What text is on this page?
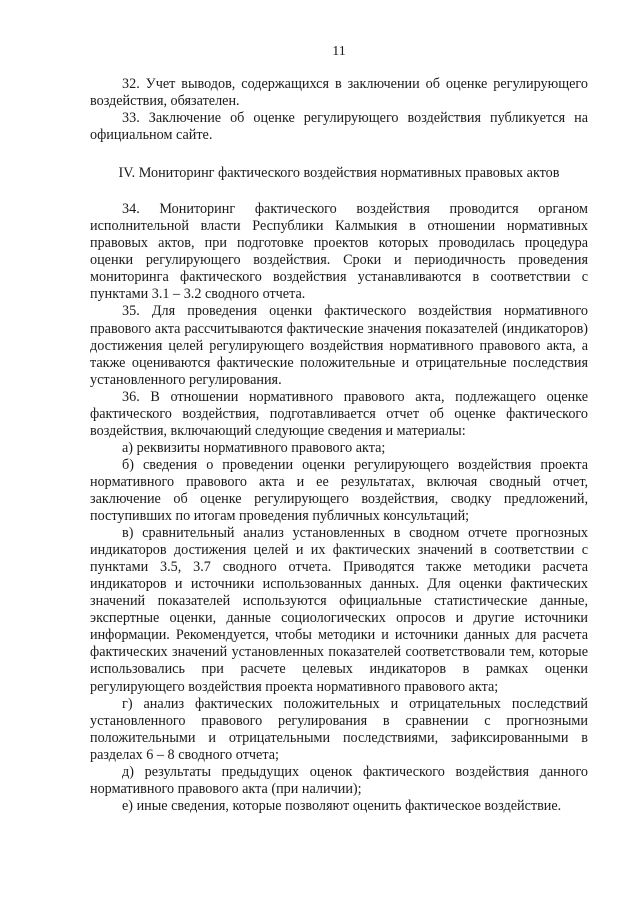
11

32. Учет выводов, содержащихся в заключении об оценке регулирующего воздействия, обязателен.

33. Заключение об оценке регулирующего воздействия публикуется на официальном сайте.

IV. Мониторинг фактического воздействия нормативных правовых актов

34. Мониторинг фактического воздействия проводится органом исполнительной власти Республики Калмыкия в отношении нормативных правовых актов, при подготовке проектов которых проводилась процедура оценки регулирующего воздействия. Сроки и периодичность проведения мониторинга фактического воздействия устанавливаются в соответствии с пунктами 3.1 – 3.2 сводного отчета.

35. Для проведения оценки фактического воздействия нормативного правового акта рассчитываются фактические значения показателей (индикаторов) достижения целей регулирующего воздействия нормативного правового акта, а также оцениваются фактические положительные и отрицательные последствия установленного регулирования.

36. В отношении нормативного правового акта, подлежащего оценке фактического воздействия, подготавливается отчет об оценке фактического воздействия, включающий следующие сведения и материалы:

а) реквизиты нормативного правового акта;

б) сведения о проведении оценки регулирующего воздействия проекта нормативного правового акта и ее результатах, включая сводный отчет, заключение об оценке регулирующего воздействия, сводку предложений, поступивших по итогам проведения публичных консультаций;

в) сравнительный анализ установленных в сводном отчете прогнозных индикаторов достижения целей и их фактических значений в соответствии с пунктами 3.5, 3.7 сводного отчета. Приводятся также методики расчета индикаторов и источники использованных данных. Для оценки фактических значений показателей используются официальные статистические данные, экспертные оценки, данные социологических опросов и другие источники информации. Рекомендуется, чтобы методики и источники данных для расчета фактических значений установленных показателей соответствовали тем, которые использовались при расчете целевых индикаторов в рамках оценки регулирующего воздействия проекта нормативного правового акта;

г) анализ фактических положительных и отрицательных последствий установленного правового регулирования в сравнении с прогнозными положительными и отрицательными последствиями, зафиксированными в разделах 6 – 8 сводного отчета;

д) результаты предыдущих оценок фактического воздействия данного нормативного правового акта (при наличии);

е) иные сведения, которые позволяют оценить фактическое воздействие.
